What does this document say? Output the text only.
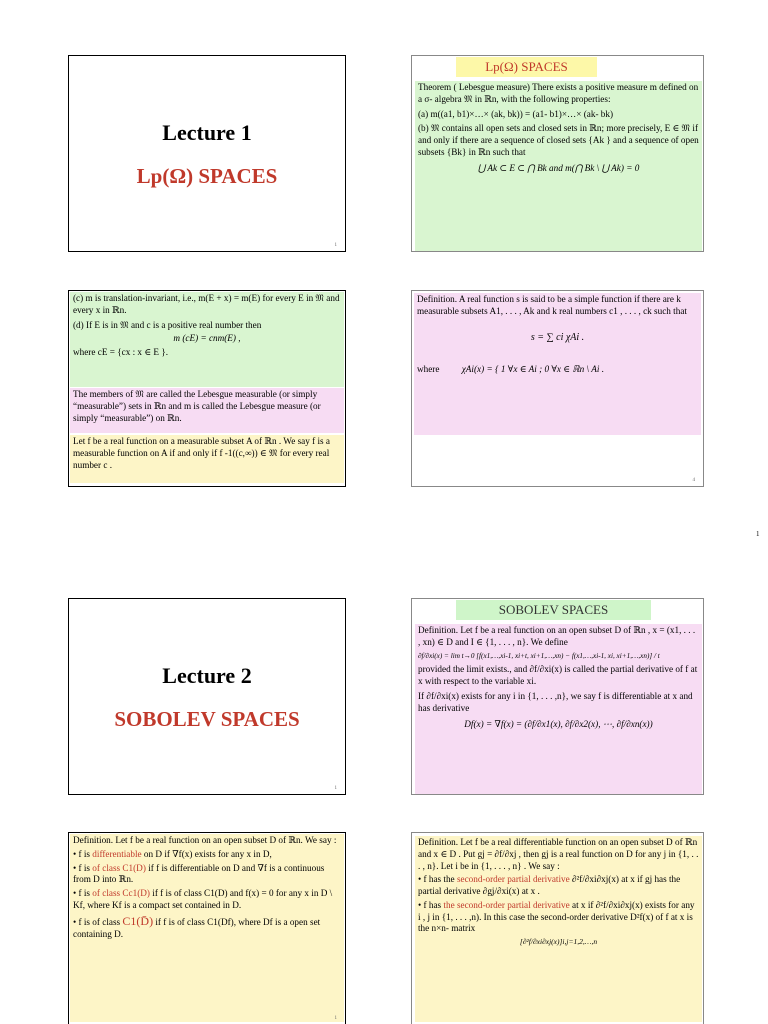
Lecture 1
Lp(Ω) SPACES
1
Lp(Ω) SPACES

Theorem ( Lebesgue measure) There exists a positive measure m defined on a σ- algebra 𝔐 in ℝn, with the following properties:

(a) m((a1, b1)×…× (ak, bk)) = (a1- b1)×…× (ak- bk)

(b) 𝔐 contains all open sets and closed sets in ℝn; more precisely, E ∈ 𝔐 if and only if there are a sequence of closed sets {Ak } and a sequence of open subsets {Bk} in ℝn such that

⋃ Ak ⊂ E ⊂ ⋂ Bk and m(⋂ Bk \ ⋃ Ak) = 0

(c) m is translation-invariant, i.e., m(E + x) = m(E) for every E in 𝔐 and every x in ℝn.

(d) If E is in 𝔐 and c is a positive real number then

m (cE) = cnm(E) ,

where cE = {cx : x ∈ E }.

The members of 𝔐 are called the Lebesgue measurable (or simply “measurable”) sets in ℝn and m is called the Lebesgue measure (or simply “measurable”) on ℝn.

Let f be a real function on a measurable subset A of ℝn . We say f is a measurable function on A if and only if f -1((c,∞)) ∈ 𝔐 for every real number c .

Definition. A real function s is said to be a simple function if there are k measurable subsets A1, . . . , Ak and k real numbers c1 , . . . , ck such that

s = ∑ ci χAi .

where χAi(x) = { 1 ∀x ∈ Ai ; 0 ∀x ∈ ℝn \ Ai .

4
1
Lecture 2
SOBOLEV SPACES
1
SOBOLEV SPACES

Definition. Let f be a real function on an open subset D of ℝn , x = (x1, . . . , xn) ∈ D and I ∈ {1, . . . , n}. We define

∂f/∂xi(x) = lim t→0 [f(x1,…,xi-1, xi+t, xi+1,…,xn) − f(x1,…,xi-1, xi, xi+1,…,xn)] / t

provided the limit exists., and ∂f/∂xi(x) is called the partial derivative of f at x with respect to the variable xi.

If ∂f/∂xi(x) exists for any i in {1, . . . ,n}, we say f is differentiable at x and has derivative

Df(x) = ∇f(x) = (∂f/∂x1(x), ∂f/∂x2(x), ⋯, ∂f/∂xn(x))

Definition. Let f be a real function on an open subset D of ℝn. We say :

• f is differentiable on D if ∇f(x) exists for any x in D,

• f is of class C1(D) if f is differentiable on D and ∇f is a continuous from D into ℝn.

• f is of class Cc1(D) if f is of class C1(D) and f(x) = 0 for any x in D \ Kf, where Kf is a compact set contained in D.

• f is of class C1(D̄) if f is of class C1(Df), where Df is a open set containing D.

1

Definition. Let f be a real differentiable function on an open subset D of ℝn and x ∈ D . Put gj = ∂f/∂xj , then gj is a real function on D for any j in {1, . . . , n}. Let i be in {1, . . . , n} . We say :

• f has the second-order partial derivative ∂²f/∂xi∂xj(x) at x if gj has the partial derivative ∂gj/∂xi(x) at x .

• f has the second-order partial derivative at x if ∂²f/∂xi∂xj(x) exists for any i , j in {1, . . . ,n). In this case the second-order derivative D²f(x) of f at x is the n×n- matrix

[∂²f/∂xi∂xj(x)]i,j=1,2,…,n
